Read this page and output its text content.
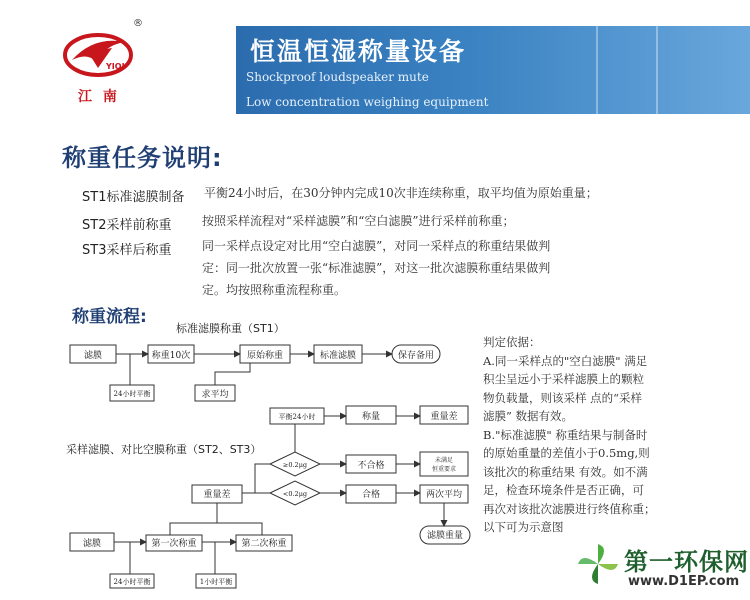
®
YIQI
江 南
恒温恒湿称量设备
Shockproof loudspeaker mute
Low concentration weighing equipment
称重任务说明:
ST1标准滤膜制备 平衡24小时后，在30分钟内完成10次非连续称重，取平均值为原始重量；
ST2采样前称重	按照采样流程对“采样滤膜”和“空白滤膜”进行采样前称重；
ST3采样后称重	同一采样点设定对比用“空白滤膜”，对同一采样点的称重结果做判
定：同一批次放置一张“标准滤膜”，对这一批次滤膜称重结果做判
定。均按照称重流程称重。
称重流程:
标准滤膜称重（ST1）
采样滤膜、对比空膜称重（ST2、ST3）
滤膜	称重10次	原始称重	标准滤膜	保存备用
24小时平衡	求平均
平衡24小时	称量	重量差
≥0.2μg	不合格
未满足
恒重要求
<0.2μg	合格	两次平均
滤膜重量
重量差
滤膜	第一次称重	第二次称重
24小时平衡	1小时平衡

判定依据：

A.同一采样点的"空白滤膜" 满足

积尘呈远小于采样滤膜上的颗粒

物负载量，则该采样 点的“采样

滤膜” 数据有效。

B."标准滤膜" 称重结果与制备时

的原始重量的差值小于0.5mg,则

该批次的称重结果 有效。如不满

足，检查环境条件是否正确，可

再次对该批次滤膜进行终值称重；

以下可为示意图

第一环保网
www.D1EP.com
